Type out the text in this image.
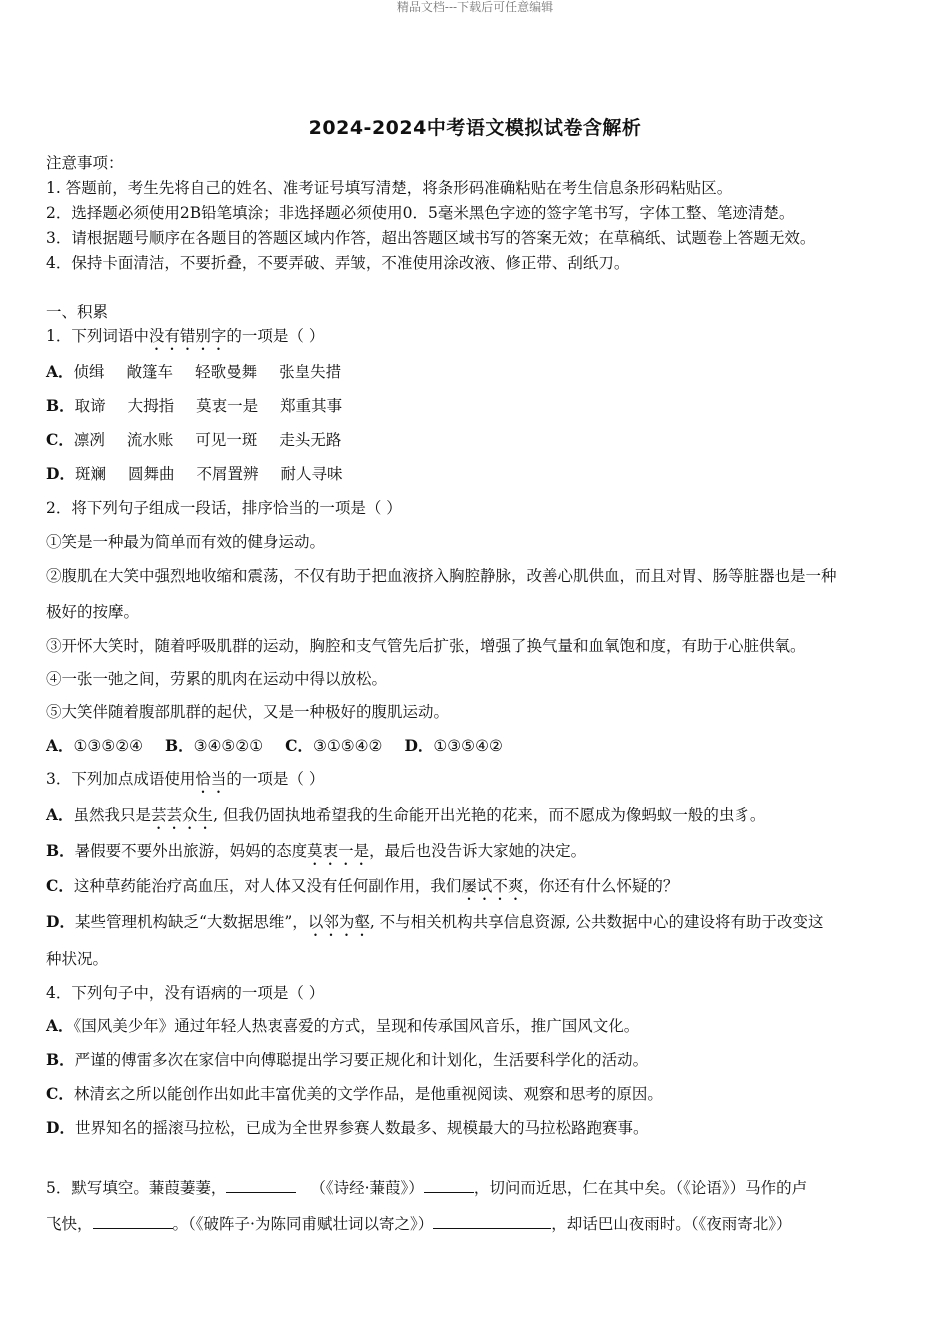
精品文档---下载后可任意编辑
2024-2024中考语文模拟试卷含解析
注意事项：
1. 答题前，考生先将自己的姓名、准考证号填写清楚，将条形码准确粘贴在考生信息条形码粘贴区。
2．选择题必须使用2B铅笔填涂；非选择题必须使用0．5毫米黑色字迹的签字笔书写，字体工整、笔迹清楚。
3．请根据题号顺序在各题目的答题区域内作答，超出答题区域书写的答案无效；在草稿纸、试题卷上答题无效。
4．保持卡面清洁，不要折叠，不要弄破、弄皱，不准使用涂改液、修正带、刮纸刀。
一、积累
1．下列词语中没有错别字的一项是（ ）
A．侦缉 敞篷车 轻歌曼舞 张皇失措
B．取谛 大拇指 莫衷一是 郑重其事
C．凛冽 流水账 可见一斑 走头无路
D．斑斓 圆舞曲 不屑置辨 耐人寻味
2．将下列句子组成一段话，排序恰当的一项是（ ）
①笑是一种最为简单而有效的健身运动。
②腹肌在大笑中强烈地收缩和震荡，不仅有助于把血液挤入胸腔静脉，改善心肌供血，而且对胃、肠等脏器也是一种
极好的按摩。
③开怀大笑时，随着呼吸肌群的运动，胸腔和支气管先后扩张，增强了换气量和血氧饱和度，有助于心脏供氧。
④一张一弛之间，劳累的肌肉在运动中得以放松。
⑤大笑伴随着腹部肌群的起伏，又是一种极好的腹肌运动。
A．①③⑤②④ B．③④⑤②① C．③①⑤④② D．①③⑤④②
3．下列加点成语使用恰当的一项是（ ）
A．虽然我只是芸芸众生, 但我仍固执地希望我的生命能开出光艳的花来，而不愿成为像蚂蚁一般的虫豸。
B．暑假要不要外出旅游，妈妈的态度莫衷一是，最后也没告诉大家她的决定。
C．这种草药能治疗高血压，对人体又没有任何副作用，我们屡试不爽，你还有什么怀疑的？
D．某些管理机构缺乏“大数据思维”，以邻为壑, 不与相关机构共享信息资源, 公共数据中心的建设将有助于改变这
种状况。
4．下列句子中，没有语病的一项是（ ）
A．《国风美少年》通过年轻人热衷喜爱的方式，呈现和传承国风音乐，推广国风文化。
B．严谨的傅雷多次在家信中向傅聪提出学习要正规化和计划化，生活要科学化的活动。
C．林清玄之所以能创作出如此丰富优美的文学作品，是他重视阅读、观察和思考的原因。
D．世界知名的摇滚马拉松，已成为全世界参赛人数最多、规模最大的马拉松路跑赛事。
5．默写填空。蒹葭萋萋，	（《诗经·蒹葭》）	，切问而近思，仁在其中矣。（《论语》）马作的卢
飞快，	。（《破阵子·为陈同甫赋壮词以寄之》）	，却话巴山夜雨时。（《夜雨寄北》）
